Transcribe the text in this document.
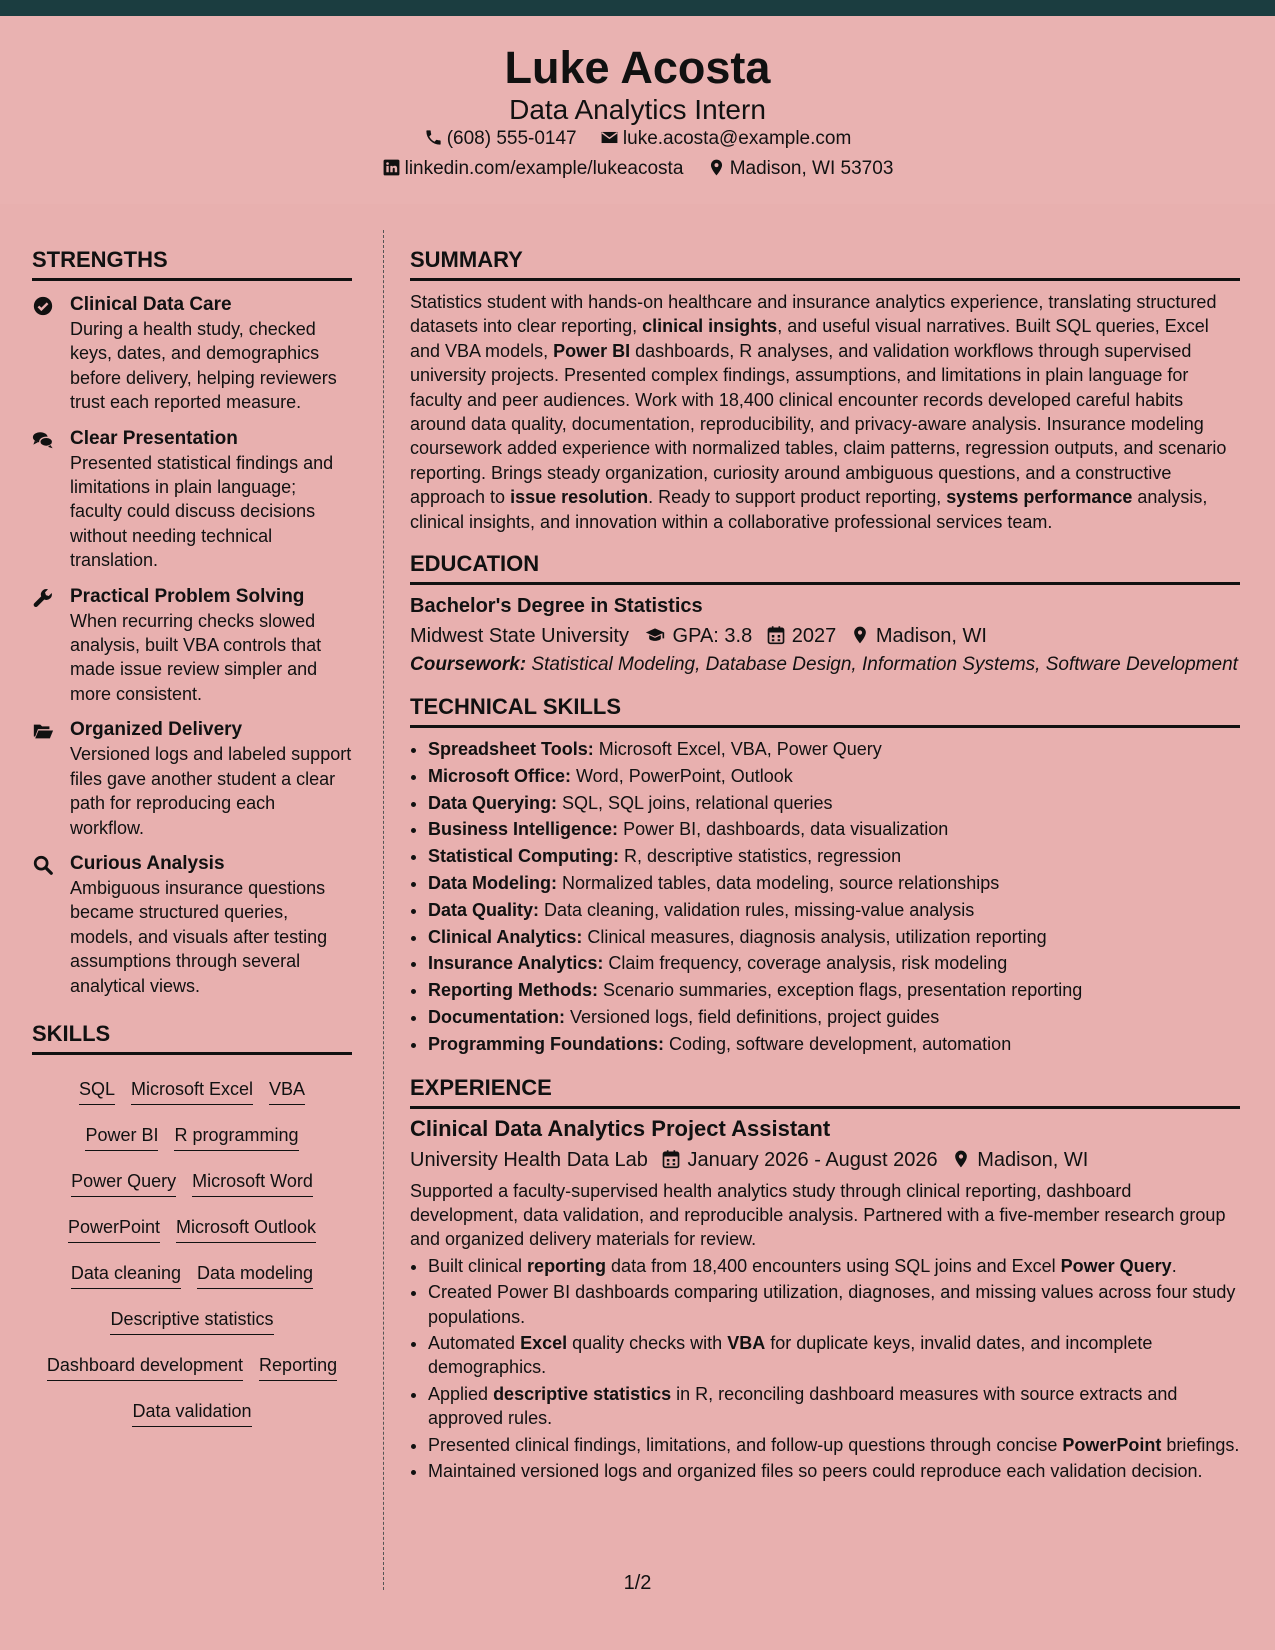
Luke Acosta
Data Analytics Intern
(608) 555-0147 luke.acosta@example.com
linkedin.com/example/lukeacosta Madison, WI 53703
STRENGTHS
Clinical Data Care
During a health study, checked keys, dates, and demographics before delivery, helping reviewers trust each reported measure.
Clear Presentation
Presented statistical findings and limitations in plain language; faculty could discuss decisions without needing technical translation.
Practical Problem Solving
When recurring checks slowed analysis, built VBA controls that made issue review simpler and more consistent.
Organized Delivery
Versioned logs and labeled support files gave another student a clear path for reproducing each workflow.
Curious Analysis
Ambiguous insurance questions became structured queries, models, and visuals after testing assumptions through several analytical views.
SKILLS
SQL Microsoft Excel VBA
Power BI R programming
Power Query Microsoft Word
PowerPoint Microsoft Outlook
Data cleaning Data modeling
Descriptive statistics
Dashboard development Reporting
Data validation
SUMMARY
Statistics student with hands-on healthcare and insurance analytics experience, translating structured datasets into clear reporting, clinical insights, and useful visual narratives. Built SQL queries, Excel and VBA models, Power BI dashboards, R analyses, and validation workflows through supervised university projects. Presented complex findings, assumptions, and limitations in plain language for faculty and peer audiences. Work with 18,400 clinical encounter records developed careful habits around data quality, documentation, reproducibility, and privacy-aware analysis. Insurance modeling coursework added experience with normalized tables, claim patterns, regression outputs, and scenario reporting. Brings steady organization, curiosity around ambiguous questions, and a constructive approach to issue resolution. Ready to support product reporting, systems performance analysis, clinical insights, and innovation within a collaborative professional services team.
EDUCATION
Bachelor's Degree in Statistics
Midwest State University GPA: 3.8 2027 Madison, WI
Coursework: Statistical Modeling, Database Design, Information Systems, Software Development
TECHNICAL SKILLS
• Spreadsheet Tools: Microsoft Excel, VBA, Power Query
• Microsoft Office: Word, PowerPoint, Outlook
• Data Querying: SQL, SQL joins, relational queries
• Business Intelligence: Power BI, dashboards, data visualization
• Statistical Computing: R, descriptive statistics, regression
• Data Modeling: Normalized tables, data modeling, source relationships
• Data Quality: Data cleaning, validation rules, missing-value analysis
• Clinical Analytics: Clinical measures, diagnosis analysis, utilization reporting
• Insurance Analytics: Claim frequency, coverage analysis, risk modeling
• Reporting Methods: Scenario summaries, exception flags, presentation reporting
• Documentation: Versioned logs, field definitions, project guides
• Programming Foundations: Coding, software development, automation
EXPERIENCE
Clinical Data Analytics Project Assistant
University Health Data Lab January 2026 - August 2026 Madison, WI
Supported a faculty-supervised health analytics study through clinical reporting, dashboard development, data validation, and reproducible analysis. Partnered with a five-member research group and organized delivery materials for review.
• Built clinical reporting data from 18,400 encounters using SQL joins and Excel Power Query.
• Created Power BI dashboards comparing utilization, diagnoses, and missing values across four study populations.
• Automated Excel quality checks with VBA for duplicate keys, invalid dates, and incomplete demographics.
• Applied descriptive statistics in R, reconciling dashboard measures with source extracts and approved rules.
• Presented clinical findings, limitations, and follow-up questions through concise PowerPoint briefings.
• Maintained versioned logs and organized files so peers could reproduce each validation decision.
1/2
